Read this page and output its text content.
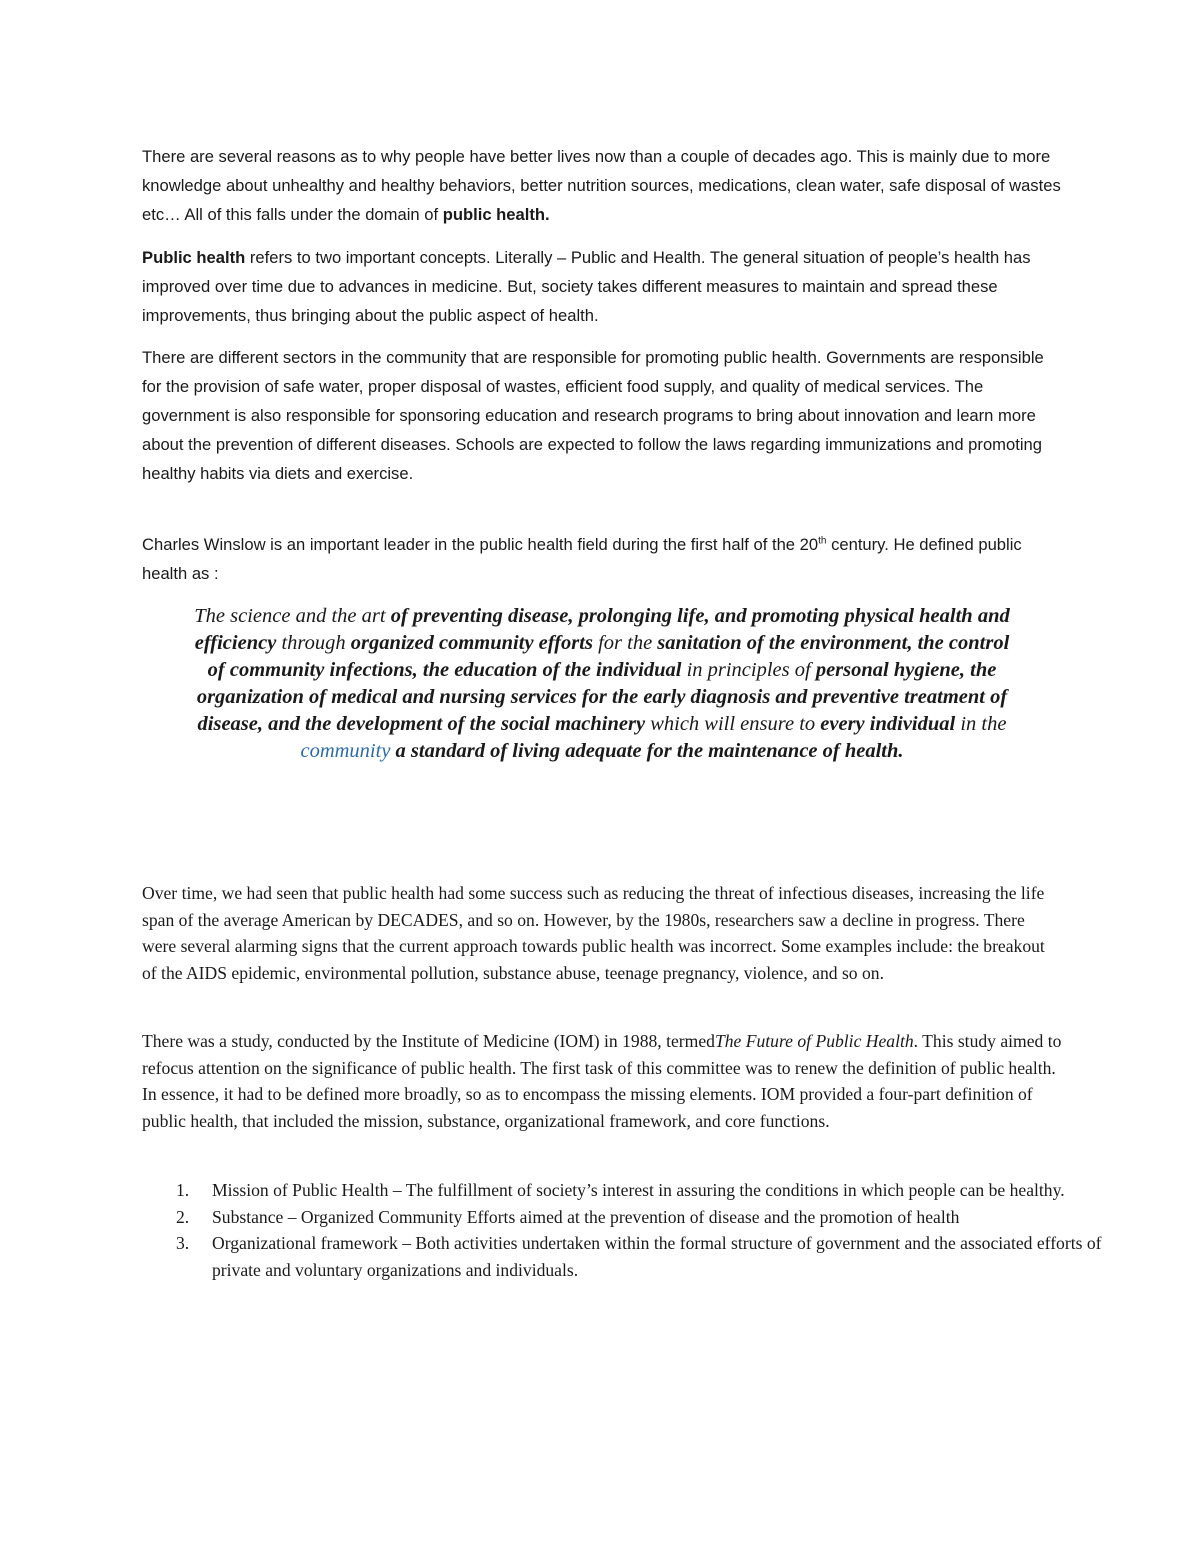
There are several reasons as to why people have better lives now than a couple of decades ago. This is mainly due to more knowledge about unhealthy and healthy behaviors, better nutrition sources, medications, clean water, safe disposal of wastes etc… All of this falls under the domain of public health.

Public health refers to two important concepts. Literally – Public and Health. The general situation of people’s health has improved over time due to advances in medicine. But, society takes different measures to maintain and spread these improvements, thus bringing about the public aspect of health.

There are different sectors in the community that are responsible for promoting public health. Governments are responsible for the provision of safe water, proper disposal of wastes, efficient food supply, and quality of medical services. The government is also responsible for sponsoring education and research programs to bring about innovation and learn more about the prevention of different diseases. Schools are expected to follow the laws regarding immunizations and promoting healthy habits via diets and exercise.

Charles Winslow is an important leader in the public health field during the first half of the 20th century. He defined public health as :

The science and the art of preventing disease, prolonging life, and promoting physical health and efficiency through organized community efforts for the sanitation of the environment, the control of community infections, the education of the individual in principles of personal hygiene, the organization of medical and nursing services for the early diagnosis and preventive treatment of disease, and the development of the social machinery which will ensure to every individual in the community a standard of living adequate for the maintenance of health.

Over time, we had seen that public health had some success such as reducing the threat of infectious diseases, increasing the life span of the average American by DECADES, and so on. However, by the 1980s, researchers saw a decline in progress. There were several alarming signs that the current approach towards public health was incorrect. Some examples include: the breakout of the AIDS epidemic, environmental pollution, substance abuse, teenage pregnancy, violence, and so on.

There was a study, conducted by the Institute of Medicine (IOM) in 1988, termedThe Future of Public Health. This study aimed to refocus attention on the significance of public health. The first task of this committee was to renew the definition of public health. In essence, it had to be defined more broadly, so as to encompass the missing elements. IOM provided a four-part definition of public health, that included the mission, substance, organizational framework, and core functions.

1. Mission of Public Health – The fulfillment of society’s interest in assuring the conditions in which people can be healthy.
2. Substance – Organized Community Efforts aimed at the prevention of disease and the promotion of health
3. Organizational framework – Both activities undertaken within the formal structure of government and the associated efforts of private and voluntary organizations and individuals.
